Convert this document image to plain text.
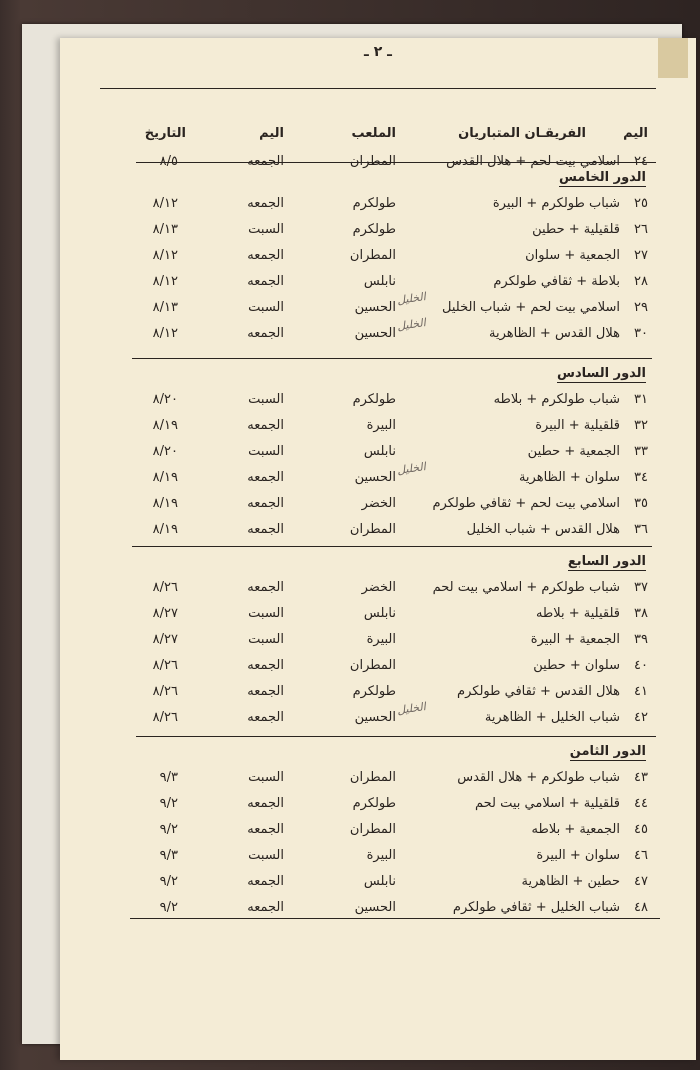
ـ ٢ ـ
اليم
الفريقـان المتباريان
الملعب
اليم
التاريخ
٢٤
اسلامي بيت لحم + هلال القدس
المطران
الجمعه
٨/٥
الدور الخامس
٢٥
شباب طولكرم + البيرة
طولكرم
الجمعه
٨/١٢
٢٦
قلقيلية + حطين
طولكرم
السبت
٨/١٣
٢٧
الجمعية + سلوان
المطران
الجمعه
٨/١٢
٢٨
بلاطة + ثقافي طولكرم
نابلس
الجمعه
٨/١٢
٢٩
اسلامي بيت لحم + شباب الخليل
الحسين
السبت
٨/١٣
٣٠
هلال القدس + الظاهرية
الحسين
الجمعه
٨/١٢
الخليل
الخليل
الدور السادس
٣١
شباب طولكرم + بلاطه
طولكرم
السبت
٨/٢٠
٣٢
قلقيلية + البيرة
البيرة
الجمعه
٨/١٩
٣٣
الجمعية + حطين
نابلس
السبت
٨/٢٠
٣٤
سلوان + الظاهرية
الحسين
الجمعه
٨/١٩
٣٥
اسلامي بيت لحم + ثقافي طولكرم
الخضر
الجمعه
٨/١٩
٣٦
هلال القدس + شباب الخليل
المطران
الجمعه
٨/١٩
الخليل
الدور السابع
٣٧
شباب طولكرم + اسلامي بيت لحم
الخضر
الجمعه
٨/٢٦
٣٨
قلقيلية + بلاطه
نابلس
السبت
٨/٢٧
٣٩
الجمعية + البيرة
البيرة
السبت
٨/٢٧
٤٠
سلوان + حطين
المطران
الجمعه
٨/٢٦
٤١
هلال القدس + ثقافي طولكرم
طولكرم
الجمعه
٨/٢٦
٤٢
شباب الخليل + الظاهرية
الحسين
الجمعه
٨/٢٦
الخليل
الدور الثامن
٤٣
شباب طولكرم + هلال القدس
المطران
السبت
٩/٣
٤٤
قلقيلية + اسلامي بيت لحم
طولكرم
الجمعه
٩/٢
٤٥
الجمعية + بلاطه
المطران
الجمعه
٩/٢
٤٦
سلوان + البيرة
البيرة
السبت
٩/٣
٤٧
حطين + الظاهرية
نابلس
الجمعه
٩/٢
٤٨
شباب الخليل + ثقافي طولكرم
الحسين
الجمعه
٩/٢
